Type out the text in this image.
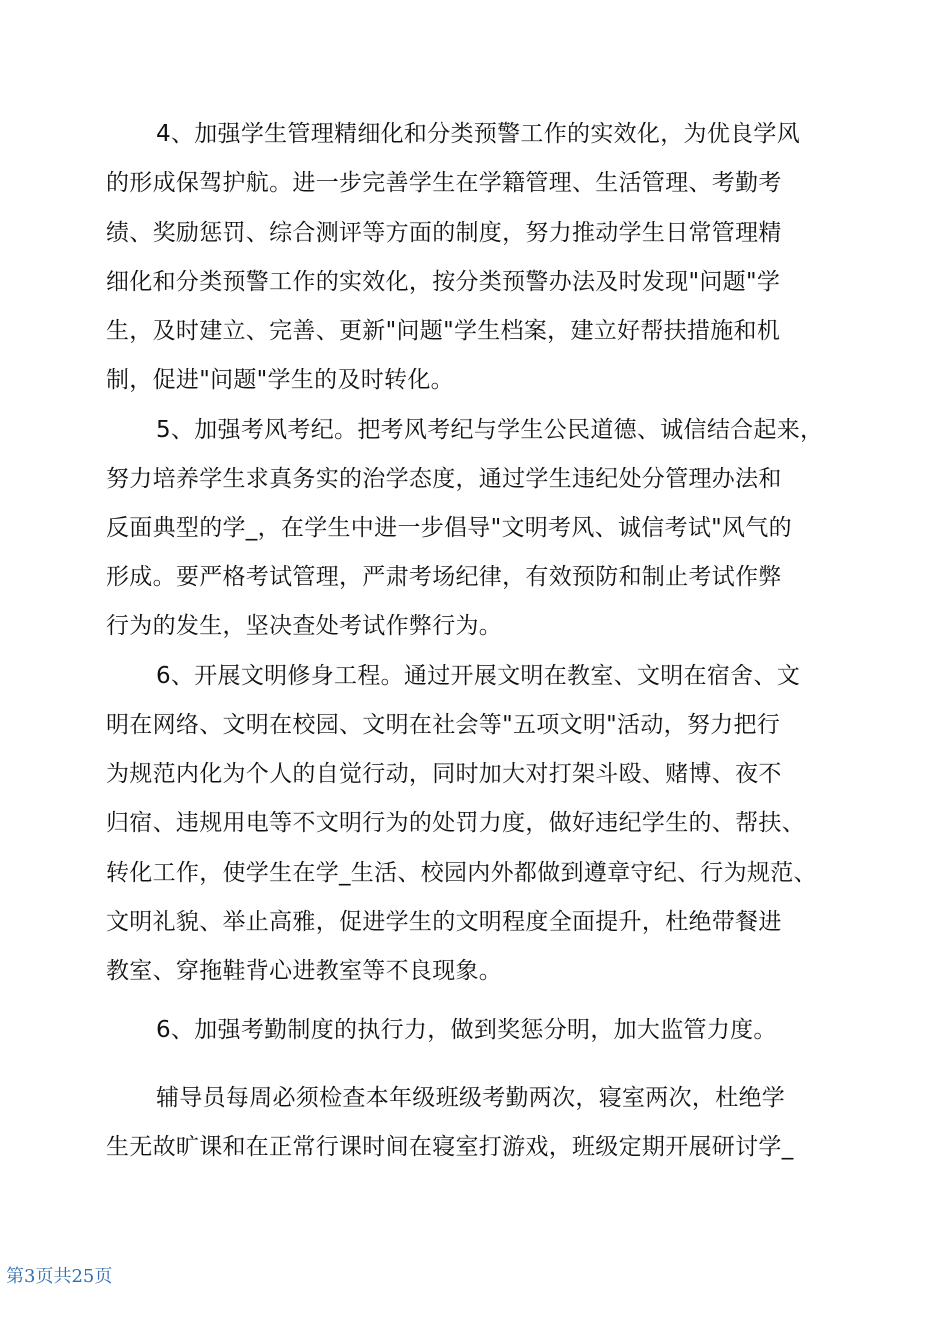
4、加强学生管理精细化和分类预警工作的实效化，为优良学风
的形成保驾护航。进一步完善学生在学籍管理、生活管理、考勤考
绩、奖励惩罚、综合测评等方面的制度，努力推动学生日常管理精
细化和分类预警工作的实效化，按分类预警办法及时发现"问题"学
生，及时建立、完善、更新"问题"学生档案，建立好帮扶措施和机
制，促进"问题"学生的及时转化。
5、加强考风考纪。把考风考纪与学生公民道德、诚信结合起来，
努力培养学生求真务实的治学态度，通过学生违纪处分管理办法和
反面典型的学_，在学生中进一步倡导"文明考风、诚信考试"风气的
形成。要严格考试管理，严肃考场纪律，有效预防和制止考试作弊
行为的发生，坚决查处考试作弊行为。
6、开展文明修身工程。通过开展文明在教室、文明在宿舍、文
明在网络、文明在校园、文明在社会等"五项文明"活动，努力把行
为规范内化为个人的自觉行动，同时加大对打架斗殴、赌博、夜不
归宿、违规用电等不文明行为的处罚力度，做好违纪学生的、帮扶、
转化工作，使学生在学_生活、校园内外都做到遵章守纪、行为规范、
文明礼貌、举止高雅，促进学生的文明程度全面提升，杜绝带餐进
教室、穿拖鞋背心进教室等不良现象。
6、加强考勤制度的执行力，做到奖惩分明，加大监管力度。
辅导员每周必须检查本年级班级考勤两次，寝室两次，杜绝学
生无故旷课和在正常行课时间在寝室打游戏，班级定期开展研讨学_
第3页共25页
